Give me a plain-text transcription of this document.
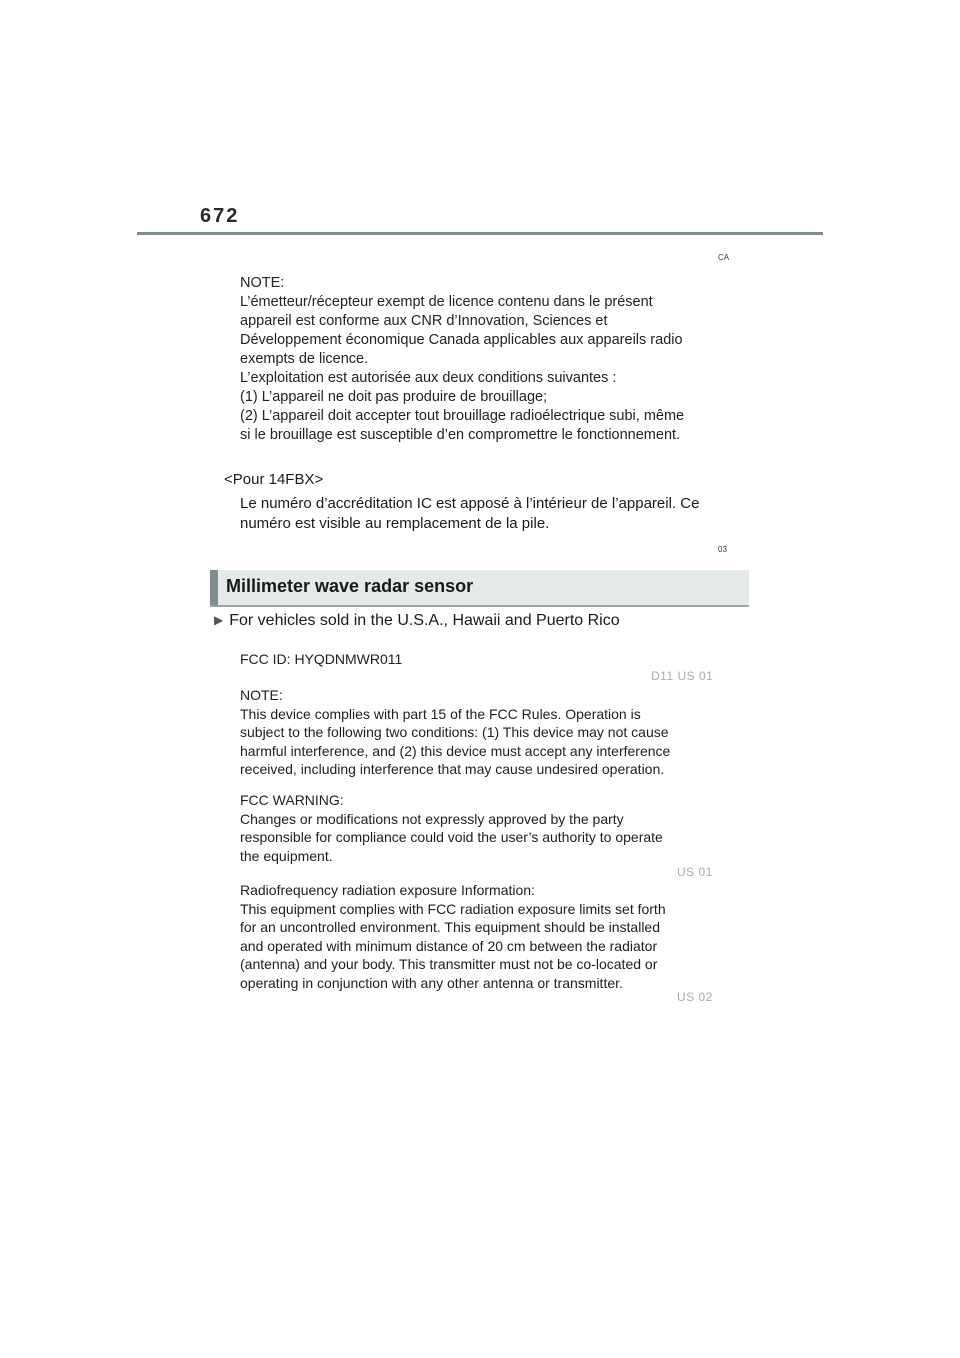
672
CA

NOTE:

L’émetteur/récepteur exempt de licence contenu dans le présent

appareil est conforme aux CNR d’Innovation, Sciences et

Développement économique Canada applicables aux appareils radio

exempts de licence.

L’exploitation est autorisée aux deux conditions suivantes :

(1) L’appareil ne doit pas produire de brouillage;

(2) L’appareil doit accepter tout brouillage radioélectrique subi, même

si le brouillage est susceptible d’en compromettre le fonctionnement.

<Pour 14FBX>

Le numéro d’accréditation IC est apposé à l’intérieur de l’appareil. Ce

numéro est visible au remplacement de la pile.

03
Millimeter wave radar sensor
▶ For vehicles sold in the U.S.A., Hawaii and Puerto Rico

FCC ID: HYQDNMWR011

D11 US 01

NOTE:

This device complies with part 15 of the FCC Rules. Operation is

subject to the following two conditions: (1) This device may not cause

harmful interference, and (2) this device must accept any interference

received, including interference that may cause undesired operation.

FCC WARNING:

Changes or modifications not expressly approved by the party

responsible for compliance could void the user’s authority to operate

the equipment.

US 01

Radiofrequency radiation exposure Information:

This equipment complies with FCC radiation exposure limits set forth

for an uncontrolled environment. This equipment should be installed

and operated with minimum distance of 20 cm between the radiator

(antenna) and your body. This transmitter must not be co-located or

operating in conjunction with any other antenna or transmitter.

US 02
